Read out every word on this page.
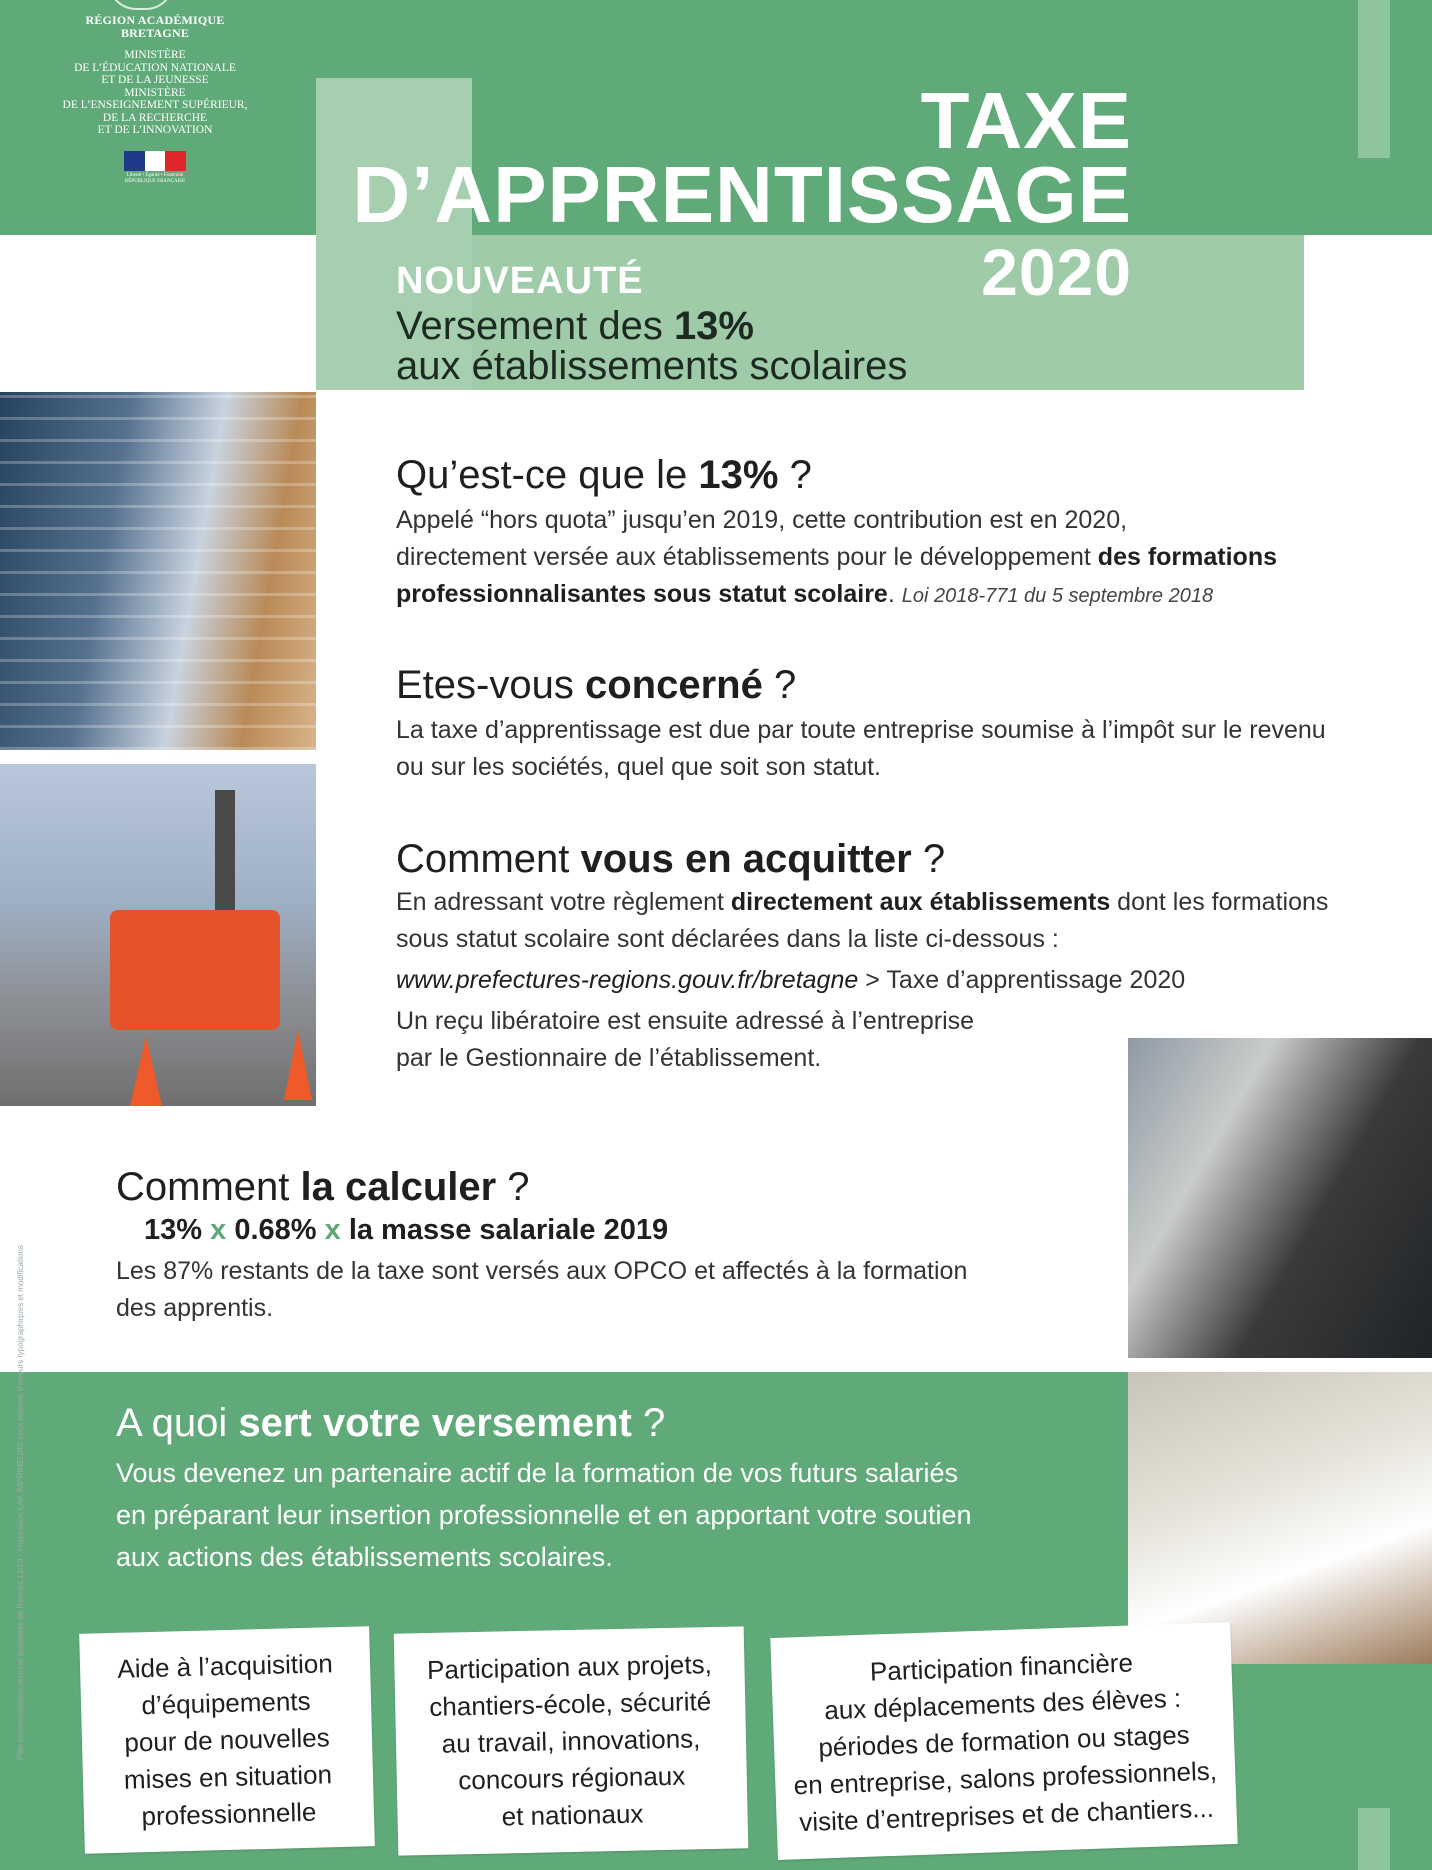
RÉGION ACADÉMIQUE
BRETAGNE
MINISTÈRE
DE L’ÉDUCATION NATIONALE
ET DE LA JEUNESSE
MINISTÈRE
DE L’ENSEIGNEMENT SUPÉRIEUR,
DE LA RECHERCHE
ET DE L’INNOVATION
Liberté • Égalité • Fraternité
RÉPUBLIQUE FRANÇAISE
TAXE
D’APPRENTISSAGE
2020
NOUVEAUTÉ
Versement des 13%
aux établissements scolaires
Qu’est-ce que le 13% ?
Appelé “hors quota” jusqu’en 2019, cette contribution est en 2020,
directement versée aux établissements pour le développement des formations
professionnalisantes sous statut scolaire. Loi 2018-771 du 5 septembre 2018
Etes-vous concerné ?
La taxe d’apprentissage est due par toute entreprise soumise à l’impôt sur le revenu
ou sur les sociétés, quel que soit son statut.
Comment vous en acquitter ?
En adressant votre règlement directement aux établissements dont les formations
sous statut scolaire sont déclarées dans la liste ci-dessous :
www.prefectures-regions.gouv.fr/bretagne > Taxe d’apprentissage 2020
Un reçu libératoire est ensuite adressé à l’entreprise
par le Gestionnaire de l’établissement.
Comment la calculer ?
13% x 0.68% x la masse salariale 2019
Les 87% restants de la taxe sont versés aux OPCO et affectés à la formation
des apprentis.
Pôle communication rectorat académie de Rennes 12/19 - Impression LAK IMPRIMEURS sous réserve d’erreurs typographiques et modifications A quoi sert votre versement ?
Vous devenez un partenaire actif de la formation de vos futurs salariés
en préparant leur insertion professionnelle et en apportant votre soutien
aux actions des établissements scolaires.
Aide à l’acquisition
d’équipements
pour de nouvelles
mises en situation
professionnelle
Participation aux projets,
chantiers-école, sécurité
au travail, innovations,
concours régionaux
et nationaux
Participation financière
aux déplacements des élèves :
périodes de formation ou stages
en entreprise, salons professionnels,
visite d’entreprises et de chantiers...
